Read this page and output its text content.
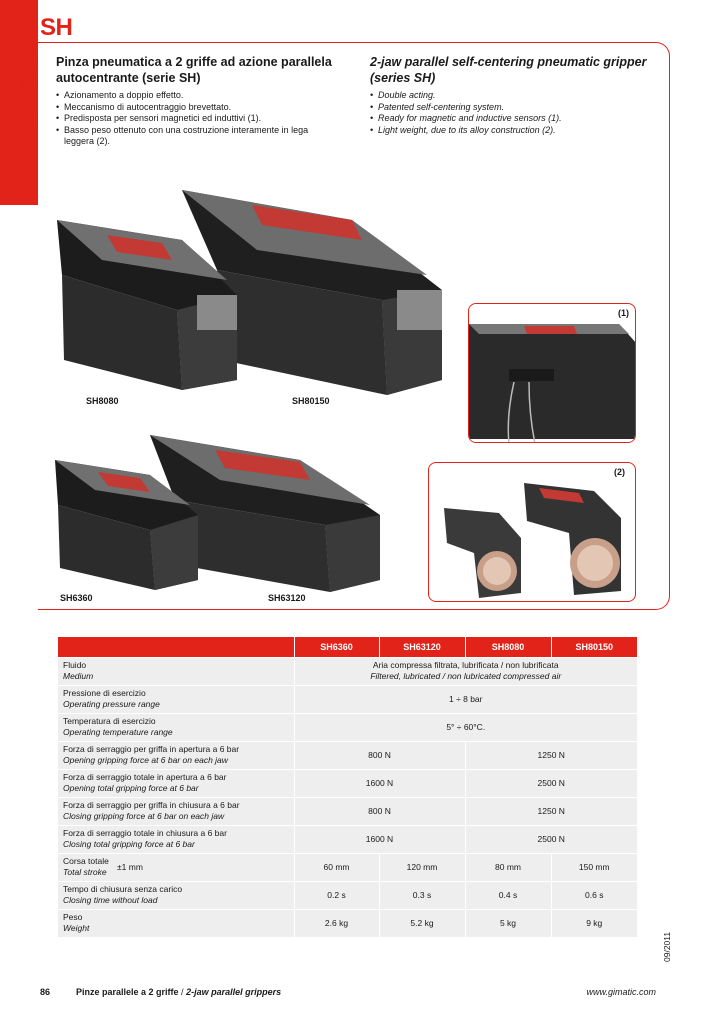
SH
PINZE PNEUMATICHE PNEUMATIC GRIPPERS Pinza pneumatica a 2 griffe ad azione parallela autocentrante (serie SH)
• Azionamento a doppio effetto.
• Meccanismo di autocentraggio brevettato.
• Predisposta per sensori magnetici ed induttivi (1).
• Basso peso ottenuto con una costruzione interamente in lega leggera (2).
2-jaw parallel self-centering pneumatic gripper (series SH)
• Double acting.
• Patented self-centering system.
• Ready for magnetic and inductive sensors (1).
• Light weight, due to its alloy construction (2).
SH8080	SH80150
SH6360	SH63120
(1)
(2)
	SH6360	SH63120	SH8080	SH80150

Fluido
Medium	Aria compressa filtrata, lubrificata / non lubrificata
Filtered, lubricated / non lubricated compressed air			

Pressione di esercizio
Operating pressure range	1 ÷ 8 bar			

Temperatura di esercizio
Operating temperature range	5° ÷ 60°C.			

Forza di serraggio per griffa in apertura a 6 bar
Opening gripping force at 6 bar on each jaw	800 N		1250 N	

Forza di serraggio totale in apertura a 6 bar
Opening total gripping force at 6 bar	1600 N		2500 N	

Forza di serraggio per griffa in chiusura a 6 bar
Closing gripping force at 6 bar on each jaw	800 N		1250 N	

Forza di serraggio totale in chiusura a 6 bar
Closing total gripping force at 6 bar	1600 N		2500 N	

Corsa totale
Total stroke
±1 mm	60 mm	120 mm	80 mm	150 mm

Tempo di chiusura senza carico
Closing time without load	0.2 s	0.3 s	0.4 s	0.6 s

Peso
Weight	2.6 kg	5.2 kg	5 kg	9 kg
09/2011
86	Pinze parallele a 2 griffe / 2-jaw parallel grippers	www.gimatic.com
